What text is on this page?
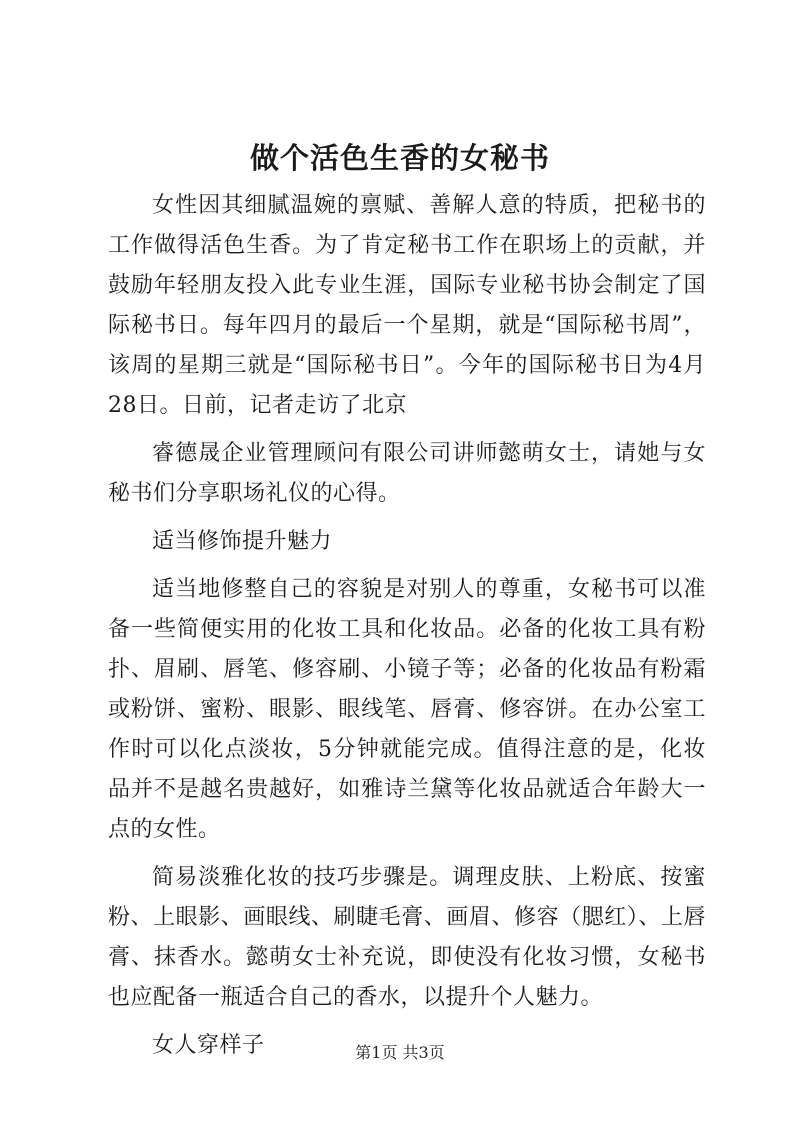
做个活色生香的女秘书

女性因其细腻温婉的禀赋、善解人意的特质，把秘书的工作做得活色生香。为了肯定秘书工作在职场上的贡献，并鼓励年轻朋友投入此专业生涯，国际专业秘书协会制定了国际秘书日。每年四月的最后一个星期，就是“国际秘书周”，该周的星期三就是“国际秘书日”。今年的国际秘书日为4月28日。日前，记者走访了北京

睿德晟企业管理顾问有限公司讲师懿萌女士，请她与女秘书们分享职场礼仪的心得。

适当修饰提升魅力

适当地修整自己的容貌是对别人的尊重，女秘书可以准备一些简便实用的化妆工具和化妆品。必备的化妆工具有粉扑、眉刷、唇笔、修容刷、小镜子等；必备的化妆品有粉霜或粉饼、蜜粉、眼影、眼线笔、唇膏、修容饼。在办公室工作时可以化点淡妆，5分钟就能完成。值得注意的是，化妆品并不是越名贵越好，如雅诗兰黛等化妆品就适合年龄大一点的女性。

简易淡雅化妆的技巧步骤是。调理皮肤、上粉底、按蜜粉、上眼影、画眼线、刷睫毛膏、画眉、修容（腮红）、上唇膏、抹香水。懿萌女士补充说，即使没有化妆习惯，女秘书也应配备一瓶适合自己的香水，以提升个人魅力。

女人穿样子	第1页 共3页
